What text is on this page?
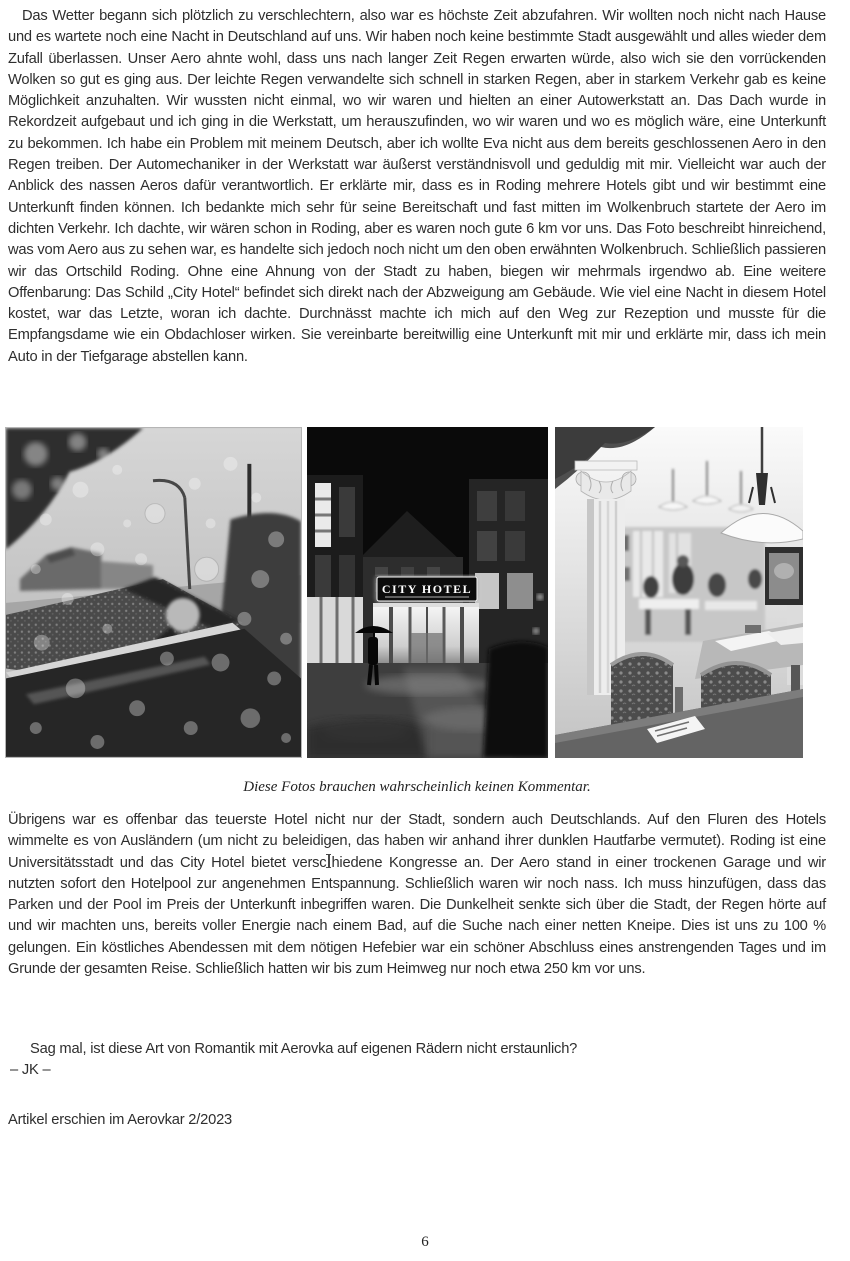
Das Wetter begann sich plötzlich zu verschlechtern, also war es höchste Zeit abzufahren. Wir wollten noch nicht nach Hause und es wartete noch eine Nacht in Deutschland auf uns. Wir haben noch keine bestimmte Stadt ausgewählt und alles wieder dem Zufall überlassen. Unser Aero ahnte wohl, dass uns nach langer Zeit Regen erwarten würde, also wich sie den vorrückenden Wolken so gut es ging aus. Der leichte Regen verwandelte sich schnell in starken Regen, aber in starkem Verkehr gab es keine Möglichkeit anzuhalten. Wir wussten nicht einmal, wo wir waren und hielten an einer Autowerkstatt an. Das Dach wurde in Rekordzeit aufgebaut und ich ging in die Werkstatt, um herauszufinden, wo wir waren und wo es möglich wäre, eine Unterkunft zu bekommen. Ich habe ein Problem mit meinem Deutsch, aber ich wollte Eva nicht aus dem bereits geschlossenen Aero in den Regen treiben. Der Automechaniker in der Werkstatt war äußerst verständnisvoll und geduldig mit mir. Vielleicht war auch der Anblick des nassen Aeros dafür verantwortlich. Er erklärte mir, dass es in Roding mehrere Hotels gibt und wir bestimmt eine Unterkunft finden können. Ich bedankte mich sehr für seine Bereitschaft und fast mitten im Wolkenbruch startete der Aero im dichten Verkehr. Ich dachte, wir wären schon in Roding, aber es waren noch gute 6 km vor uns. Das Foto beschreibt hinreichend, was vom Aero aus zu sehen war, es handelte sich jedoch noch nicht um den oben erwähnten Wolkenbruch. Schließlich passieren wir das Ortschild Roding. Ohne eine Ahnung von der Stadt zu haben, biegen wir mehrmals irgendwo ab. Eine weitere Offenbarung: Das Schild „City Hotel“ befindet sich direkt nach der Abzweigung am Gebäude. Wie viel eine Nacht in diesem Hotel kostet, war das Letzte, woran ich dachte. Durchnässt machte ich mich auf den Weg zur Rezeption und musste für die Empfangsdame wie ein Obdachloser wirken. Sie vereinbarte bereitwillig eine Unterkunft mit mir und erklärte mir, dass ich mein Auto in der Tiefgarage abstellen kann.

CITY HOTEL

Diese Fotos brauchen wahrscheinlich keinen Kommentar.

Übrigens war es offenbar das teuerste Hotel nicht nur der Stadt, sondern auch Deutschlands. Auf den Fluren des Hotels wimmelte es von Ausländern (um nicht zu beleidigen, das haben wir anhand ihrer dunklen Hautfarbe vermutet). Roding ist eine Universitätsstadt und das City Hotel bietet versc hiedene Kongresse an. Der Aero stand in einer trockenen Garage und wir nutzten sofort den Hotelpool zur angenehmen Entspannung. Schließlich waren wir noch nass. Ich muss hinzufügen, dass das Parken und der Pool im Preis der Unterkunft inbegriffen waren. Die Dunkelheit senkte sich über die Stadt, der Regen hörte auf und wir machten uns, bereits voller Energie nach einem Bad, auf die Suche nach einer netten Kneipe. Dies ist uns zu 100 % gelungen. Ein köstliches Abendessen mit dem nötigen Hefebier war ein schöner Abschluss eines anstrengenden Tages und im Grunde der gesamten Reise. Schließlich hatten wir bis zum Heimweg nur noch etwa 250 km vor uns.

Sag mal, ist diese Art von Romantik mit Aerovka auf eigenen Rädern nicht erstaunlich?

– JK –

Artikel erschien im Aerovkar 2/2023

6
